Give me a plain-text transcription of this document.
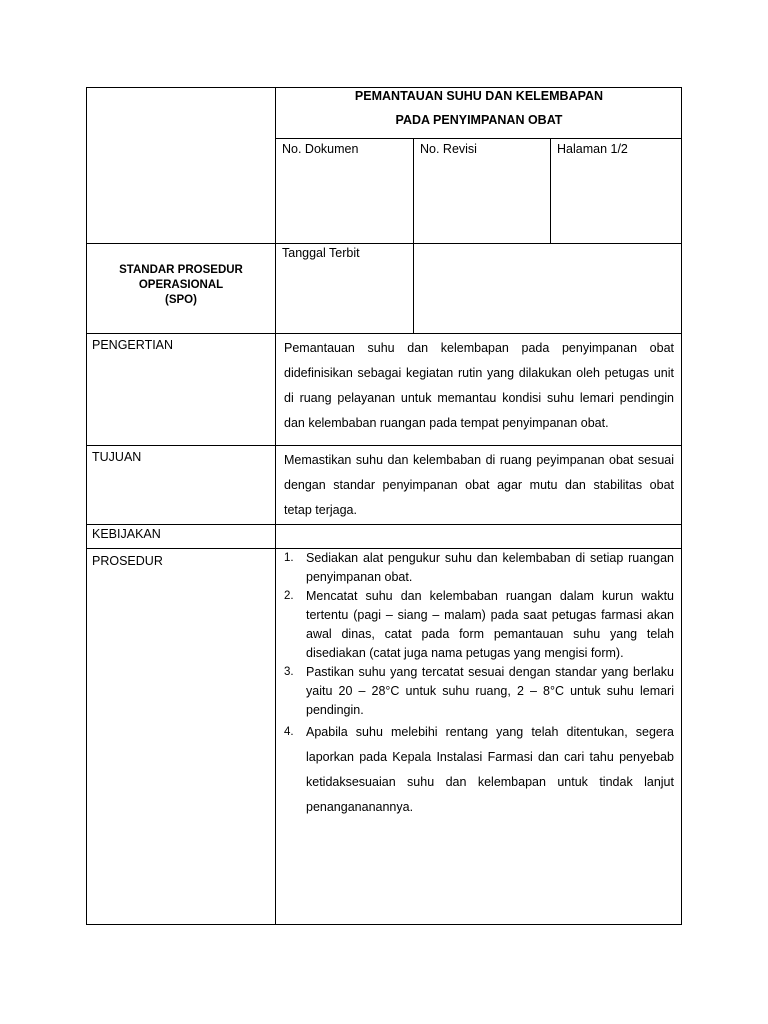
PEMANTAUAN SUHU DAN KELEMBAPAN
PADA PENYIMPANAN OBAT
No. Dokumen	No. Revisi	Halaman 1/2
Tanggal Terbit
STANDAR PROSEDUR
OPERASIONAL
(SPO)
PENGERTIAN	Pemantauan suhu dan kelembapan pada penyimpanan obat

didefinisikan sebagai kegiatan rutin yang dilakukan oleh petugas unit

di ruang pelayanan untuk memantau kondisi suhu lemari pendingin

dan kelembaban ruangan pada tempat penyimpanan obat.

TUJUAN	Memastikan suhu dan kelembaban di ruang peyimpanan obat sesuai

dengan standar penyimpanan obat agar mutu dan stabilitas obat

tetap terjaga.

KEBIJAKAN
PROSEDUR	1. Sediakan alat pengukur suhu dan kelembaban di setiap ruangan penyimpanan obat.
2. Mencatat suhu dan kelembaban ruangan dalam kurun waktu tertentu (pagi – siang – malam) pada saat petugas farmasi akan awal dinas, catat pada form pemantauan suhu yang telah disediakan (catat juga nama petugas yang mengisi form).
3. Pastikan suhu yang tercatat sesuai dengan standar yang berlaku yaitu 20 – 28°C untuk suhu ruang, 2 – 8°C untuk suhu lemari pendingin.
4. Apabila suhu melebihi rentang yang telah ditentukan, segera laporkan pada Kepala Instalasi Farmasi dan cari tahu penyebab ketidaksesuaian suhu dan kelembapan untuk tindak lanjut penangananannya.
